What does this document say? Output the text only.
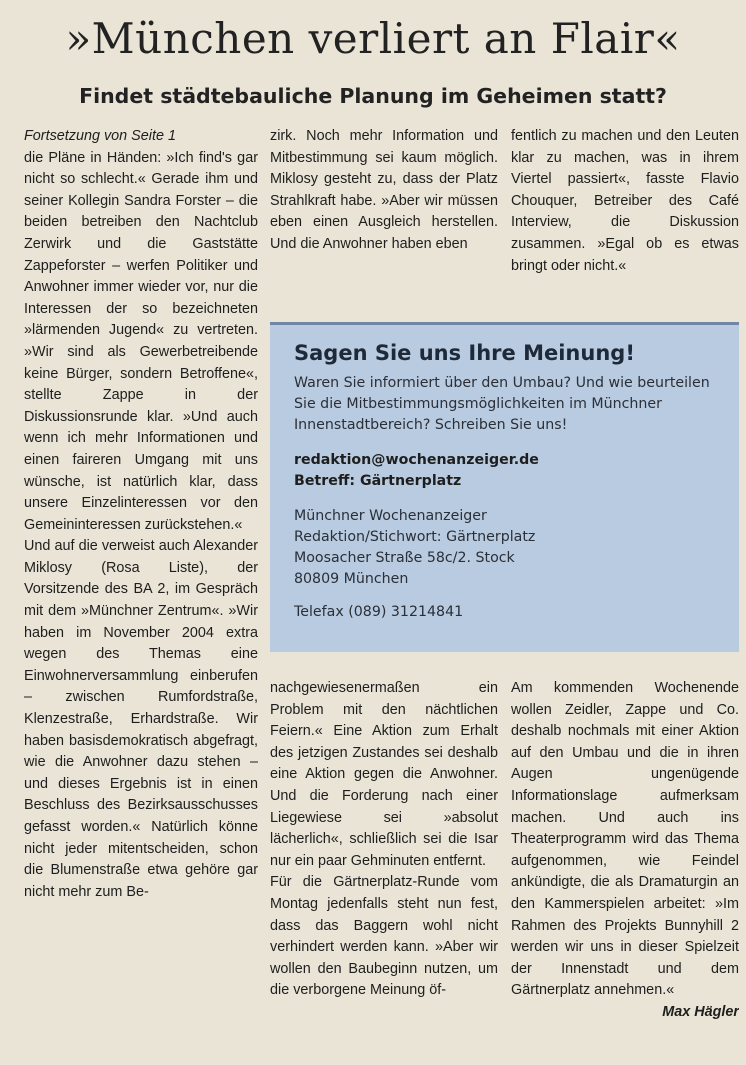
»München verliert an Flair«
Findet städtebauliche Planung im Geheimen statt?

Fortsetzung von Seite 1

die Pläne in Händen: »Ich find's gar nicht so schlecht.« Gerade ihm und seiner Kollegin Sandra Forster – die beiden betreiben den Nachtclub Zerwirk und die Gaststätte Zappeforster – werfen Politiker und Anwohner immer wieder vor, nur die Interessen der so bezeichneten »lärmenden Jugend« zu vertreten. »Wir sind als Gewerbetreibende keine Bürger, sondern Betroffene«, stellte Zappe in der Diskussionsrunde klar. »Und auch wenn ich mehr Informationen und einen faireren Umgang mit uns wünsche, ist natürlich klar, dass unsere Einzelinteressen vor den Gemeininteressen zurückstehen.«

Und auf die verweist auch Alexander Miklosy (Rosa Liste), der Vorsitzende des BA 2, im Gespräch mit dem »Münchner Zentrum«. »Wir haben im November 2004 extra wegen des Themas eine Einwohnerversammlung einberufen – zwischen Rumfordstraße, Klenzestraße, Erhardstraße. Wir haben basisdemokratisch abgefragt, wie die Anwohner dazu stehen – und dieses Ergebnis ist in einen Beschluss des Bezirksausschusses gefasst worden.« Natürlich könne nicht jeder mitentscheiden, schon die Blumenstraße etwa gehöre gar nicht mehr zum Be-

zirk. Noch mehr Information und Mitbestimmung sei kaum möglich. Miklosy gesteht zu, dass der Platz Strahlkraft habe. »Aber wir müssen eben einen Ausgleich herstellen. Und die Anwohner haben eben

fentlich zu machen und den Leuten klar zu machen, was in ihrem Viertel passiert«, fasste Flavio Chouquer, Betreiber des Café Interview, die Diskussion zusammen. »Egal ob es etwas bringt oder nicht.«

Sagen Sie uns Ihre Meinung!

Waren Sie informiert über den Umbau? Und wie beurteilen Sie die Mitbestimmungsmöglichkeiten im Münchner Innenstadtbereich? Schreiben Sie uns!

redaktion@wochenanzeiger.de

Betreff: Gärtnerplatz

Münchner Wochenanzeiger

Redaktion/Stichwort: Gärtnerplatz

Moosacher Straße 58c/2. Stock

80809 München

Telefax (089) 31214841

nachgewiesenermaßen ein Problem mit den nächtlichen Feiern.« Eine Aktion zum Erhalt des jetzigen Zustandes sei deshalb eine Aktion gegen die Anwohner. Und die Forderung nach einer Liegewiese sei »absolut lächerlich«, schließlich sei die Isar nur ein paar Gehminuten entfernt.

Für die Gärtnerplatz-Runde vom Montag jedenfalls steht nun fest, dass das Baggern wohl nicht verhindert werden kann. »Aber wir wollen den Baubeginn nutzen, um die verborgene Meinung öf-

Am kommenden Wochenende wollen Zeidler, Zappe und Co. deshalb nochmals mit einer Aktion auf den Umbau und die in ihren Augen ungenügende Informationslage aufmerksam machen. Und auch ins Theaterprogramm wird das Thema aufgenommen, wie Feindel ankündigte, die als Dramaturgin an den Kammerspielen arbeitet: »Im Rahmen des Projekts Bunnyhill 2 werden wir uns in dieser Spielzeit der Innenstadt und dem Gärtnerplatz annehmen.«

Max Hägler
